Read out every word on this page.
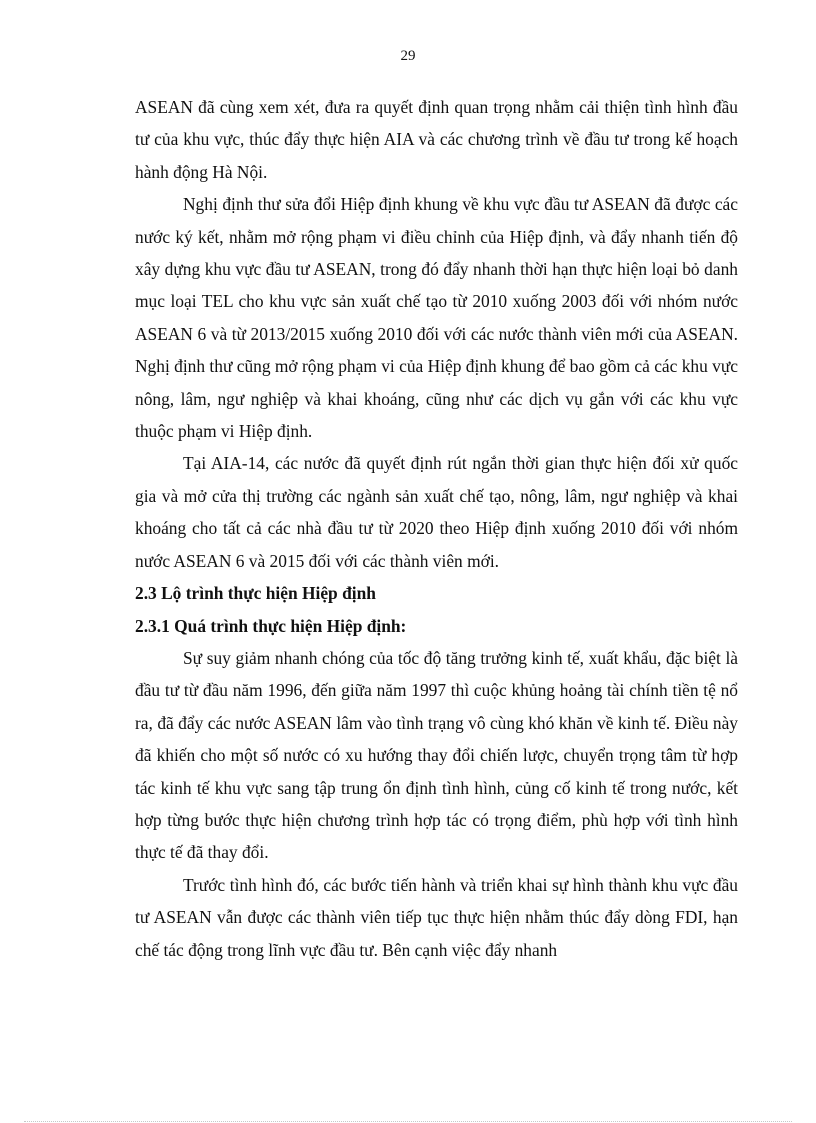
29

ASEAN đã cùng xem xét, đưa ra quyết định quan trọng nhằm cải thiện tình hình đầu tư của khu vực, thúc đẩy thực hiện AIA và các chương trình về đầu tư trong kế hoạch hành động Hà Nội.

Nghị định thư sửa đổi Hiệp định khung về khu vực đầu tư ASEAN đã được các nước ký kết, nhằm mở rộng phạm vi điều chỉnh của Hiệp định, và đẩy nhanh tiến độ xây dựng khu vực đầu tư ASEAN, trong đó đẩy nhanh thời hạn thực hiện loại bỏ danh mục loại TEL cho khu vực sản xuất chế tạo từ 2010 xuống 2003 đối với nhóm nước ASEAN 6 và từ 2013/2015 xuống 2010 đối với các nước thành viên mới của ASEAN. Nghị định thư cũng mở rộng phạm vi của Hiệp định khung để bao gồm cả các khu vực nông, lâm, ngư nghiệp và khai khoáng, cũng như các dịch vụ gắn với các khu vực thuộc phạm vi Hiệp định.

Tại AIA-14, các nước đã quyết định rút ngắn thời gian thực hiện đối xử quốc gia và mở cửa thị trường các ngành sản xuất chế tạo, nông, lâm, ngư nghiệp và khai khoáng cho tất cả các nhà đầu tư từ 2020 theo Hiệp định xuống 2010 đối với nhóm nước ASEAN 6 và 2015 đối với các thành viên mới.

2.3 Lộ trình thực hiện Hiệp định
2.3.1 Quá trình thực hiện Hiệp định:

Sự suy giảm nhanh chóng của tốc độ tăng trưởng kinh tế, xuất khẩu, đặc biệt là đầu tư từ đầu năm 1996, đến giữa năm 1997 thì cuộc khủng hoảng tài chính tiền tệ nổ ra, đã đẩy các nước ASEAN lâm vào tình trạng vô cùng khó khăn về kinh tế. Điều này đã khiến cho một số nước có xu hướng thay đổi chiến lược, chuyển trọng tâm từ hợp tác kinh tế khu vực sang tập trung ổn định tình hình, củng cố kinh tế trong nước, kết hợp từng bước thực hiện chương trình hợp tác có trọng điểm, phù hợp với tình hình thực tế đã thay đổi.

Trước tình hình đó, các bước tiến hành và triển khai sự hình thành khu vực đầu tư ASEAN vẫn được các thành viên tiếp tục thực hiện nhằm thúc đẩy dòng FDI, hạn chế tác động trong lĩnh vực đầu tư. Bên cạnh việc đẩy nhanh
